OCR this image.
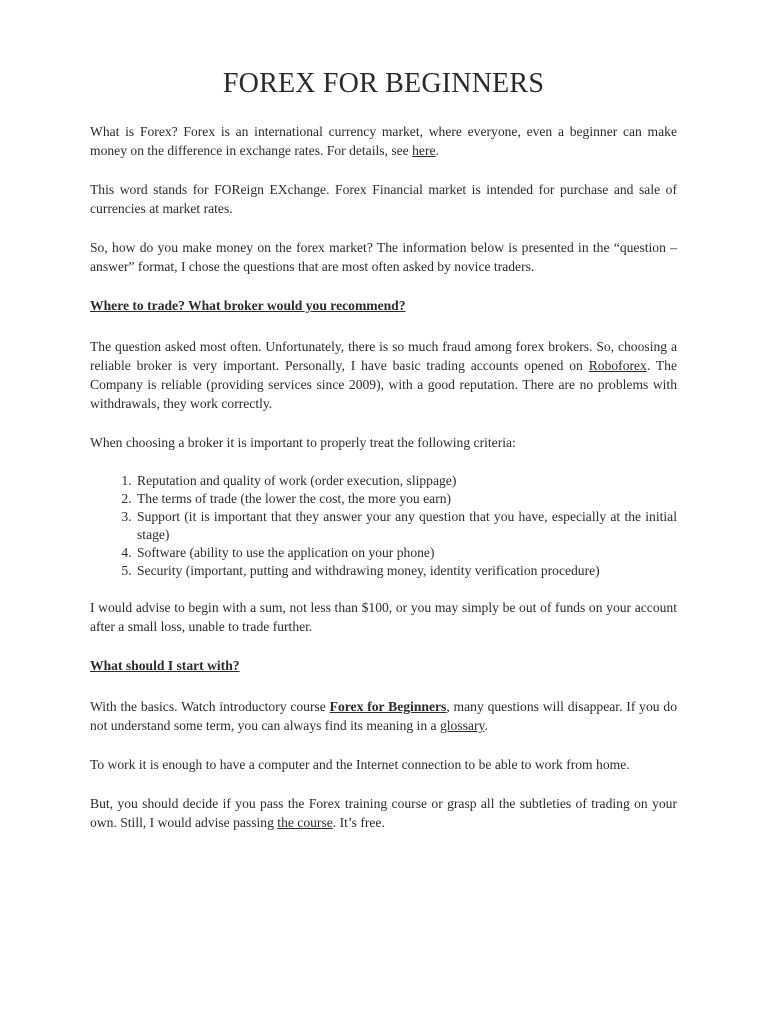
FOREX FOR BEGINNERS

What is Forex? Forex is an international currency market, where everyone, even a beginner can make money on the difference in exchange rates. For details, see here.

This word stands for FOReign EXchange. Forex Financial market is intended for purchase and sale of currencies at market rates.

So, how do you make money on the forex market? The information below is presented in the “question – answer” format, I chose the questions that are most often asked by novice traders.

Where to trade? What broker would you recommend?

The question asked most often. Unfortunately, there is so much fraud among forex brokers. So, choosing a reliable broker is very important. Personally, I have basic trading accounts opened on Roboforex. The Company is reliable (providing services since 2009), with a good reputation. There are no problems with withdrawals, they work correctly.

When choosing a broker it is important to properly treat the following criteria:

1. Reputation and quality of work (order execution, slippage)
2. The terms of trade (the lower the cost, the more you earn)
3. Support (it is important that they answer your any question that you have, especially at the initial stage)
4. Software (ability to use the application on your phone)
5. Security (important, putting and withdrawing money, identity verification procedure)

I would advise to begin with a sum, not less than $100, or you may simply be out of funds on your account after a small loss, unable to trade further.

What should I start with?

With the basics. Watch introductory course Forex for Beginners, many questions will disappear. If you do not understand some term, you can always find its meaning in a glossary.

To work it is enough to have a computer and the Internet connection to be able to work from home.

But, you should decide if you pass the Forex training course or grasp all the subtleties of trading on your own. Still, I would advise passing the course. It’s free.
